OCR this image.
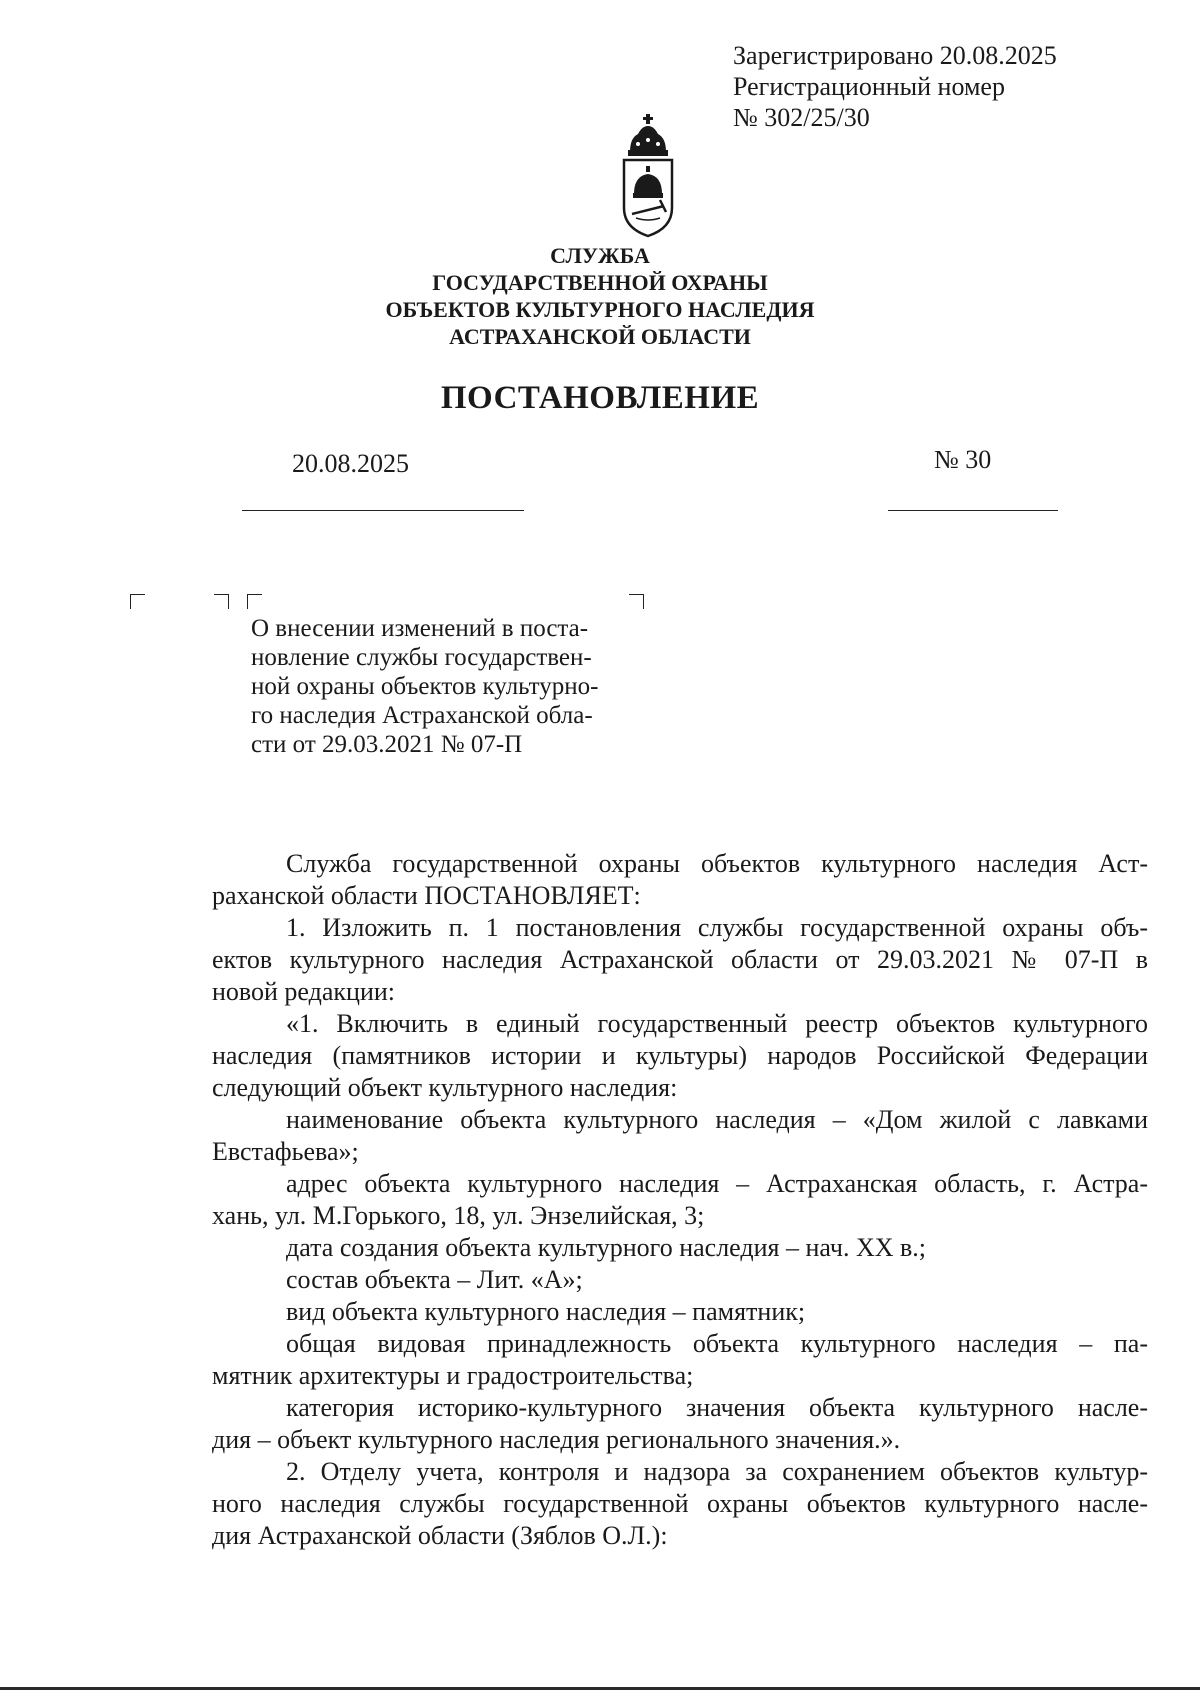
Зарегистрировано 20.08.2025
Регистрационный номер
№ 302/25/30
СЛУЖБА
ГОСУДАРСТВЕННОЙ ОХРАНЫ
ОБЪЕКТОВ КУЛЬТУРНОГО НАСЛЕДИЯ
АСТРАХАНСКОЙ ОБЛАСТИ
ПОСТАНОВЛЕНИЕ
20.08.2025	№ 30
О внесении изменений в поста-
новление службы государствен-
ной охраны объектов культурно-
го наследия Астраханской обла-
сти от 29.03.2021 № 07-П
Служба государственной охраны объектов культурного наследия Аст-
раханской области ПОСТАНОВЛЯЕТ:
1. Изложить п. 1 постановления службы государственной охраны объ-
ектов культурного наследия Астраханской области от 29.03.2021 № 07-П в
новой редакции:
«1. Включить в единый государственный реестр объектов культурного
наследия (памятников истории и культуры) народов Российской Федерации
следующий объект культурного наследия:
наименование объекта культурного наследия – «Дом жилой с лавками
Евстафьева»;
адрес объекта культурного наследия – Астраханская область, г. Астра-
хань, ул. М.Горького, 18, ул. Энзелийская, 3;
дата создания объекта культурного наследия – нач. XX в.;
состав объекта – Лит. «А»;
вид объекта культурного наследия – памятник;
общая видовая принадлежность объекта культурного наследия – па-
мятник архитектуры и градостроительства;
категория историко-культурного значения объекта культурного насле-
дия – объект культурного наследия регионального значения.».
2. Отделу учета, контроля и надзора за сохранением объектов культур-
ного наследия службы государственной охраны объектов культурного насле-
дия Астраханской области (Зяблов О.Л.):
